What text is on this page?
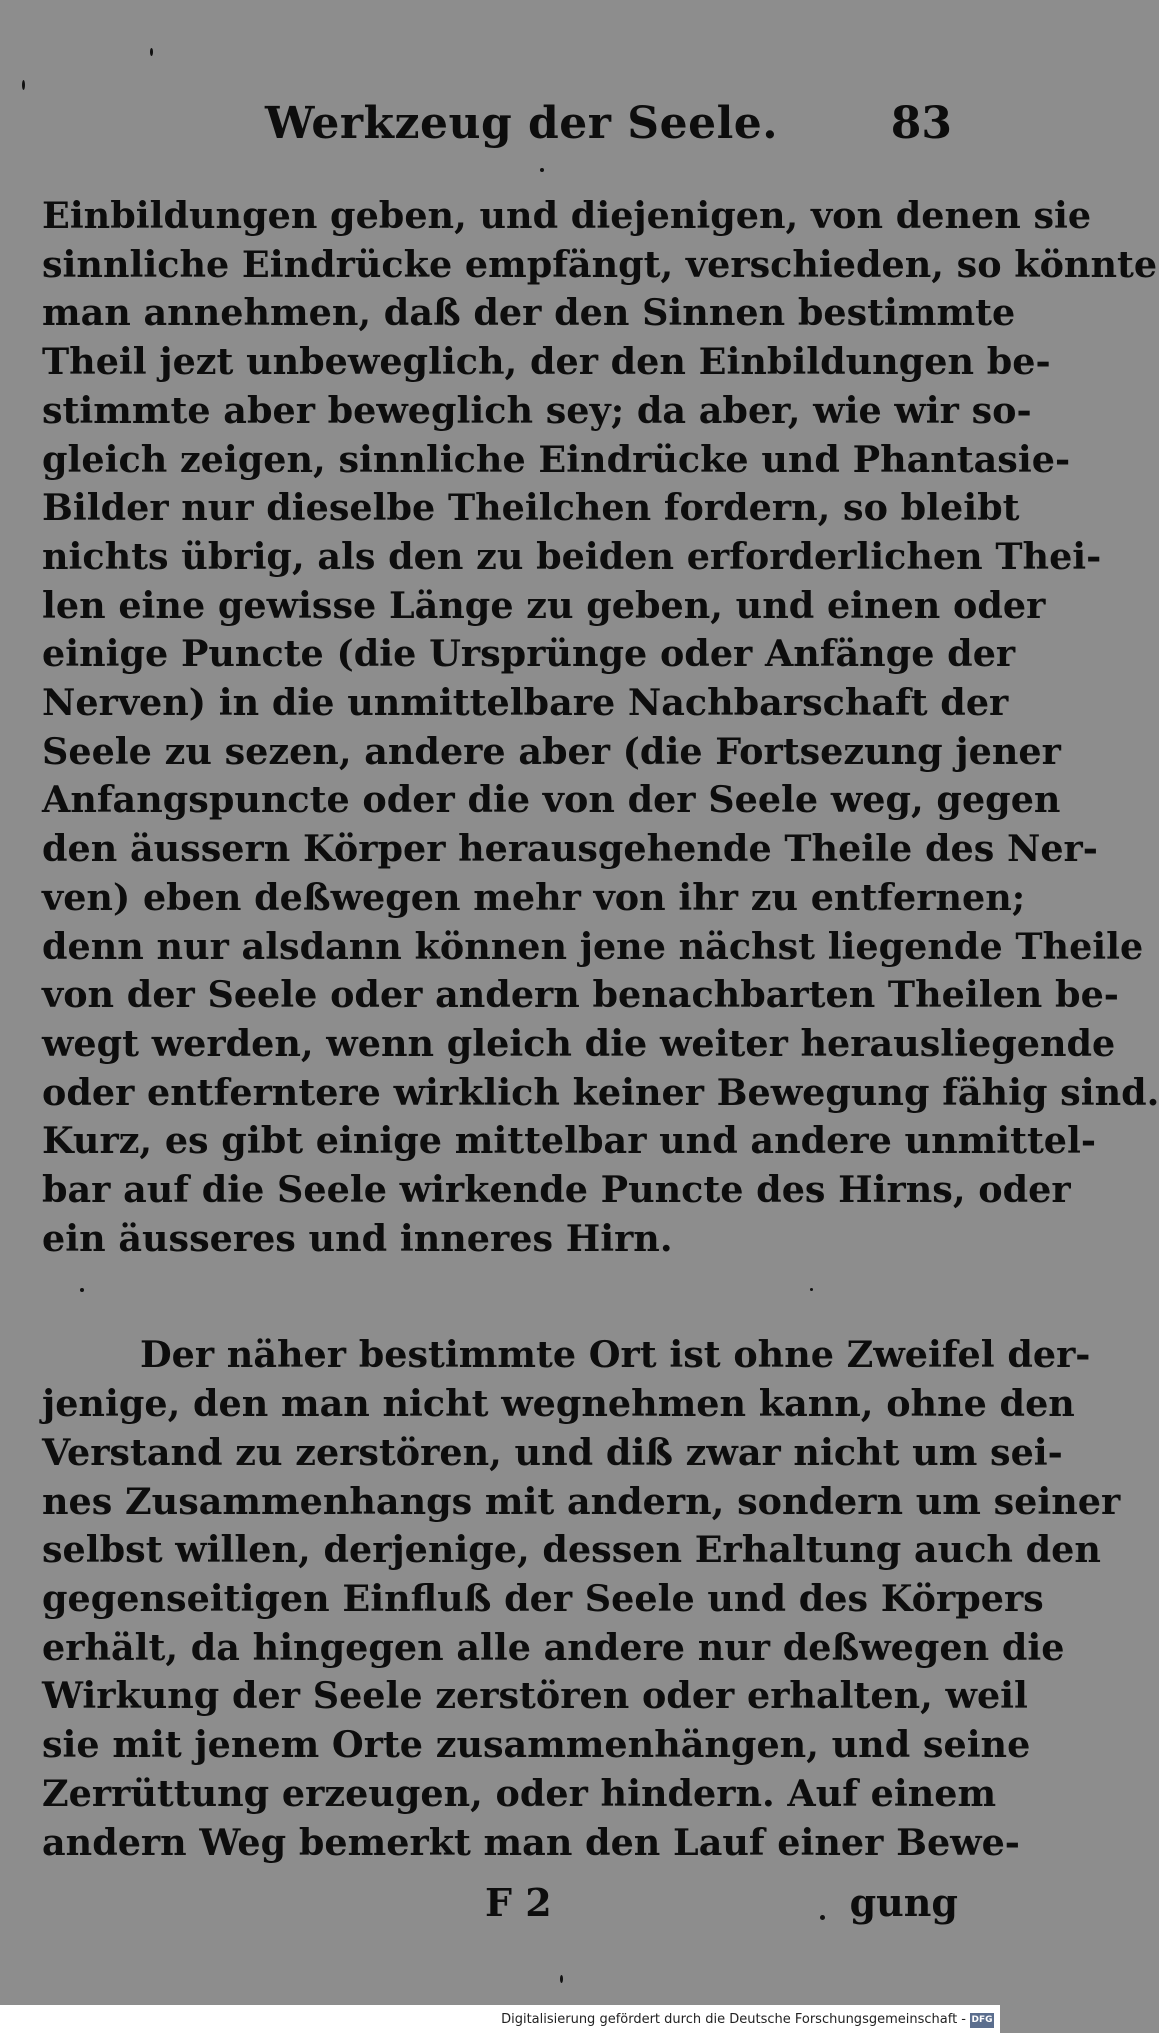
Werkzeug der Seele.	83
Einbildungen geben, und diejenigen, von denen sie
sinnliche Eindrücke empfängt, verschieden, so könnte
man annehmen, daß der den Sinnen bestimmte
Theil jezt unbeweglich, der den Einbildungen be-
stimmte aber beweglich sey; da aber, wie wir so-
gleich zeigen, sinnliche Eindrücke und Phantasie-
Bilder nur dieselbe Theilchen fordern, so bleibt
nichts übrig, als den zu beiden erforderlichen Thei-
len eine gewisse Länge zu geben, und einen oder
einige Puncte (die Ursprünge oder Anfänge der
Nerven) in die unmittelbare Nachbarschaft der
Seele zu sezen, andere aber (die Fortsezung jener
Anfangspuncte oder die von der Seele weg, gegen
den äussern Körper herausgehende Theile des Ner-
ven) eben deßwegen mehr von ihr zu entfernen;
denn nur alsdann können jene nächst liegende Theile
von der Seele oder andern benachbarten Theilen be-
wegt werden, wenn gleich die weiter herausliegende
oder entferntere wirklich keiner Bewegung fähig sind.
Kurz, es gibt einige mittelbar und andere unmittel-
bar auf die Seele wirkende Puncte des Hirns, oder
ein äusseres und inneres Hirn.
Der näher bestimmte Ort ist ohne Zweifel der-
jenige, den man nicht wegnehmen kann, ohne den
Verstand zu zerstören, und diß zwar nicht um sei-
nes Zusammenhangs mit andern, sondern um seiner
selbst willen, derjenige, dessen Erhaltung auch den
gegenseitigen Einfluß der Seele und des Körpers
erhält, da hingegen alle andere nur deßwegen die
Wirkung der Seele zerstören oder erhalten, weil
sie mit jenem Orte zusammenhängen, und seine
Zerrüttung erzeugen, oder hindern. Auf einem
andern Weg bemerkt man den Lauf einer Bewe-
F 2	gung
Digitalisierung gefördert durch die Deutsche Forschungsgemeinschaft - DFG
